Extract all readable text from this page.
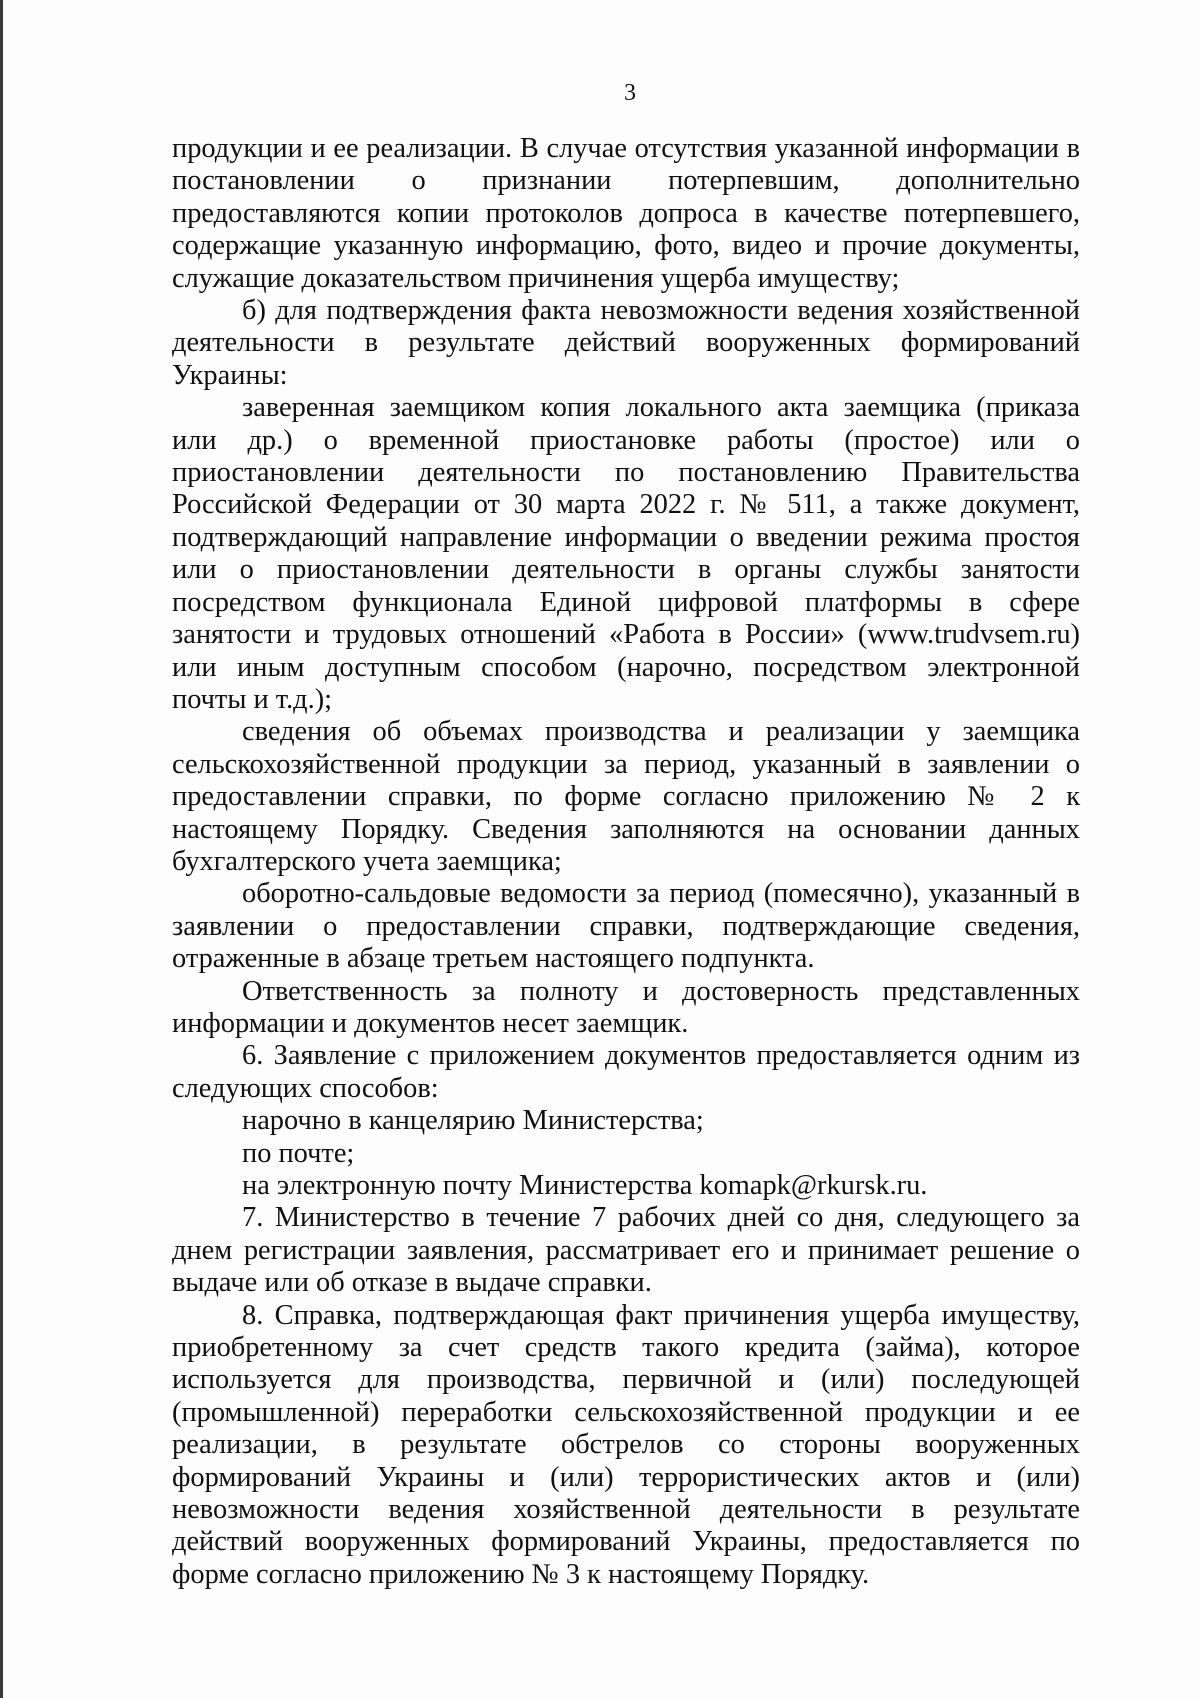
3

продукции и ее реализации. В случае отсутствия указанной информации в постановлении о признании потерпевшим, дополнительно предоставляются копии протоколов допроса в качестве потерпевшего, содержащие указанную информацию, фото, видео и прочие документы, служащие доказательством причинения ущерба имуществу;

б) для подтверждения факта невозможности ведения хозяйственной деятельности в результате действий вооруженных формирований Украины:

заверенная заемщиком копия локального акта заемщика (приказа или др.) о временной приостановке работы (простое) или о приостановлении деятельности по постановлению Правительства Российской Федерации от 30 марта 2022 г. № 511, а также документ, подтверждающий направление информации о введении режима простоя или о приостановлении деятельности в органы службы занятости посредством функционала Единой цифровой платформы в сфере занятости и трудовых отношений «Работа в России» (www.trudvsem.ru) или иным доступным способом (нарочно, посредством электронной почты и т.д.);

сведения об объемах производства и реализации у заемщика сельскохозяйственной продукции за период, указанный в заявлении о предоставлении справки, по форме согласно приложению № 2 к настоящему Порядку. Сведения заполняются на основании данных бухгалтерского учета заемщика;

оборотно-сальдовые ведомости за период (помесячно), указанный в заявлении о предоставлении справки, подтверждающие сведения, отраженные в абзаце третьем настоящего подпункта.

Ответственность за полноту и достоверность представленных информации и документов несет заемщик.

6. Заявление с приложением документов предоставляется одним из следующих способов:

нарочно в канцелярию Министерства;

по почте;

на электронную почту Министерства komapk@rkursk.ru.

7. Министерство в течение 7 рабочих дней со дня, следующего за днем регистрации заявления, рассматривает его и принимает решение о выдаче или об отказе в выдаче справки.

8. Справка, подтверждающая факт причинения ущерба имуществу, приобретенному за счет средств такого кредита (займа), которое используется для производства, первичной и (или) последующей (промышленной) переработки сельскохозяйственной продукции и ее реализации, в результате обстрелов со стороны вооруженных формирований Украины и (или) террористических актов и (или) невозможности ведения хозяйственной деятельности в результате действий вооруженных формирований Украины, предоставляется по форме согласно приложению № 3 к настоящему Порядку.
